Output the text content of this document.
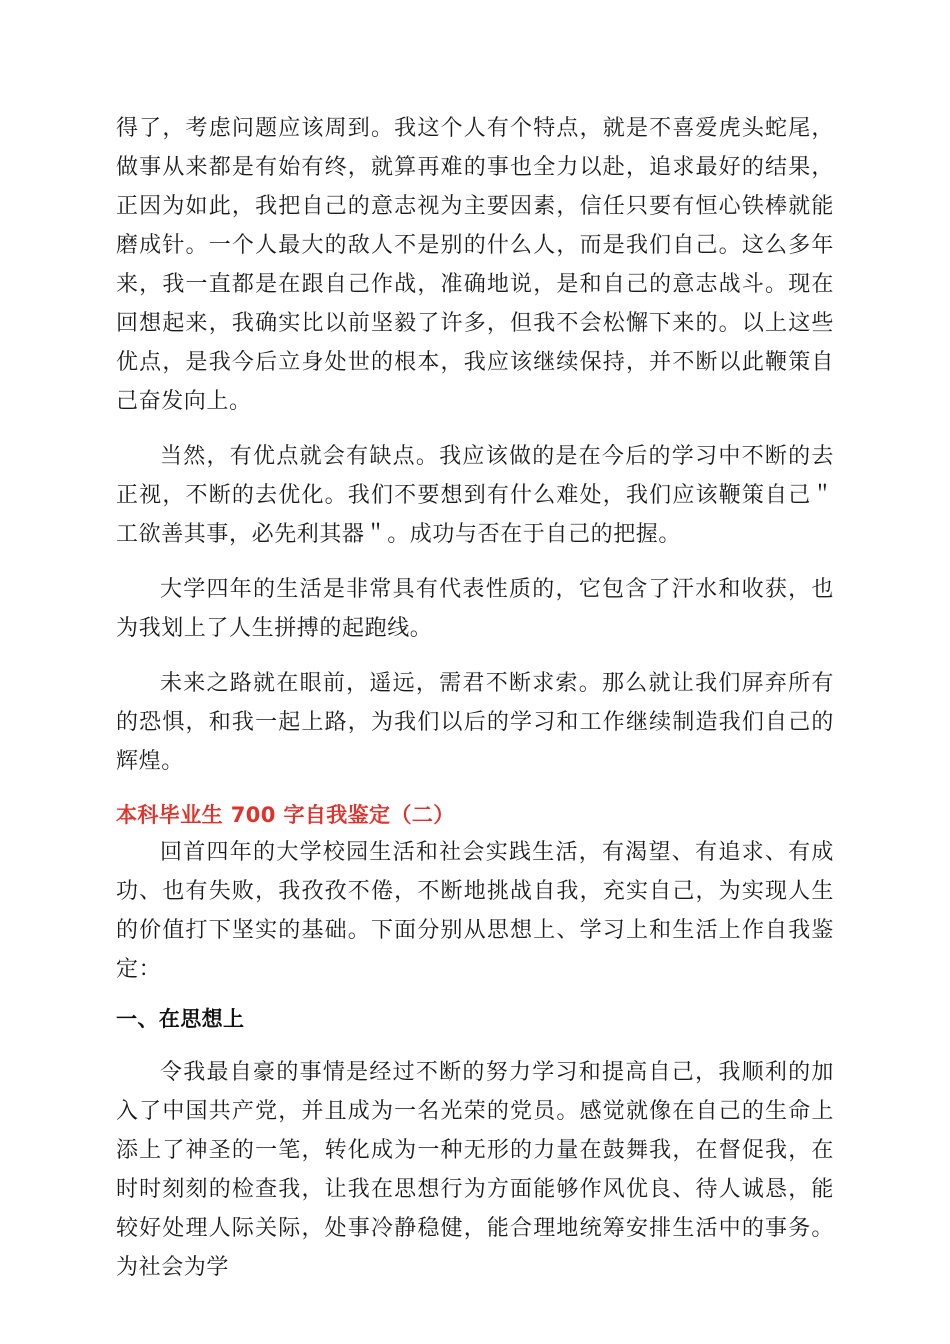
得了，考虑问题应该周到。我这个人有个特点，就是不喜爱虎头蛇尾，做事从来都是有始有终，就算再难的事也全力以赴，追求最好的结果，正因为如此，我把自己的意志视为主要因素，信任只要有恒心铁棒就能磨成针。一个人最大的敌人不是别的什么人，而是我们自己。这么多年来，我一直都是在跟自己作战，准确地说，是和自己的意志战斗。现在回想起来，我确实比以前坚毅了许多，但我不会松懈下来的。以上这些优点，是我今后立身处世的根本，我应该继续保持，并不断以此鞭策自己奋发向上。

当然，有优点就会有缺点。我应该做的是在今后的学习中不断的去正视，不断的去优化。我们不要想到有什么难处，我们应该鞭策自己＂工欲善其事，必先利其器＂。成功与否在于自己的把握。

大学四年的生活是非常具有代表性质的，它包含了汗水和收获，也为我划上了人生拼搏的起跑线。

未来之路就在眼前，遥远，需君不断求索。那么就让我们屏弃所有的恐惧，和我一起上路，为我们以后的学习和工作继续制造我们自己的辉煌。

本科毕业生 700 字自我鉴定（二）

回首四年的大学校园生活和社会实践生活，有渴望、有追求、有成功、也有失败，我孜孜不倦，不断地挑战自我，充实自己，为实现人生的价值打下坚实的基础。下面分别从思想上、学习上和生活上作自我鉴定：

一、在思想上

令我最自豪的事情是经过不断的努力学习和提高自己，我顺利的加入了中国共产党，并且成为一名光荣的党员。感觉就像在自己的生命上添上了神圣的一笔，转化成为一种无形的力量在鼓舞我，在督促我，在时时刻刻的检查我，让我在思想行为方面能够作风优良、待人诚恳，能较好处理人际关际，处事冷静稳健，能合理地统筹安排生活中的事务。为社会为学
